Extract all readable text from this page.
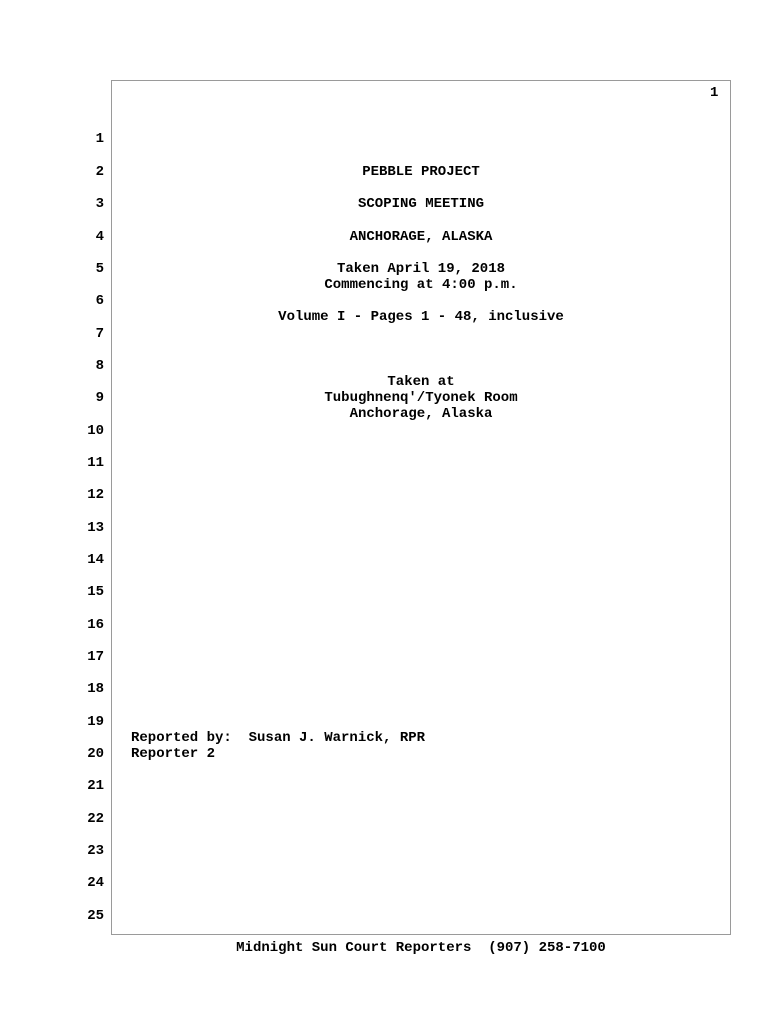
1
1
2
3
4
5
6
7
8
9
10
11
12
13
14
15
16
17
18
19
20
21
22
23
24
25
PEBBLE PROJECT
SCOPING MEETING
ANCHORAGE, ALASKA
Taken April 19, 2018
Commencing at 4:00 p.m.
Volume I - Pages 1 - 48, inclusive
Taken at
Tubughnenq'/Tyonek Room
Anchorage, Alaska
Reported by:  Susan J. Warnick, RPR
Reporter 2
Midnight Sun Court Reporters  (907) 258-7100
